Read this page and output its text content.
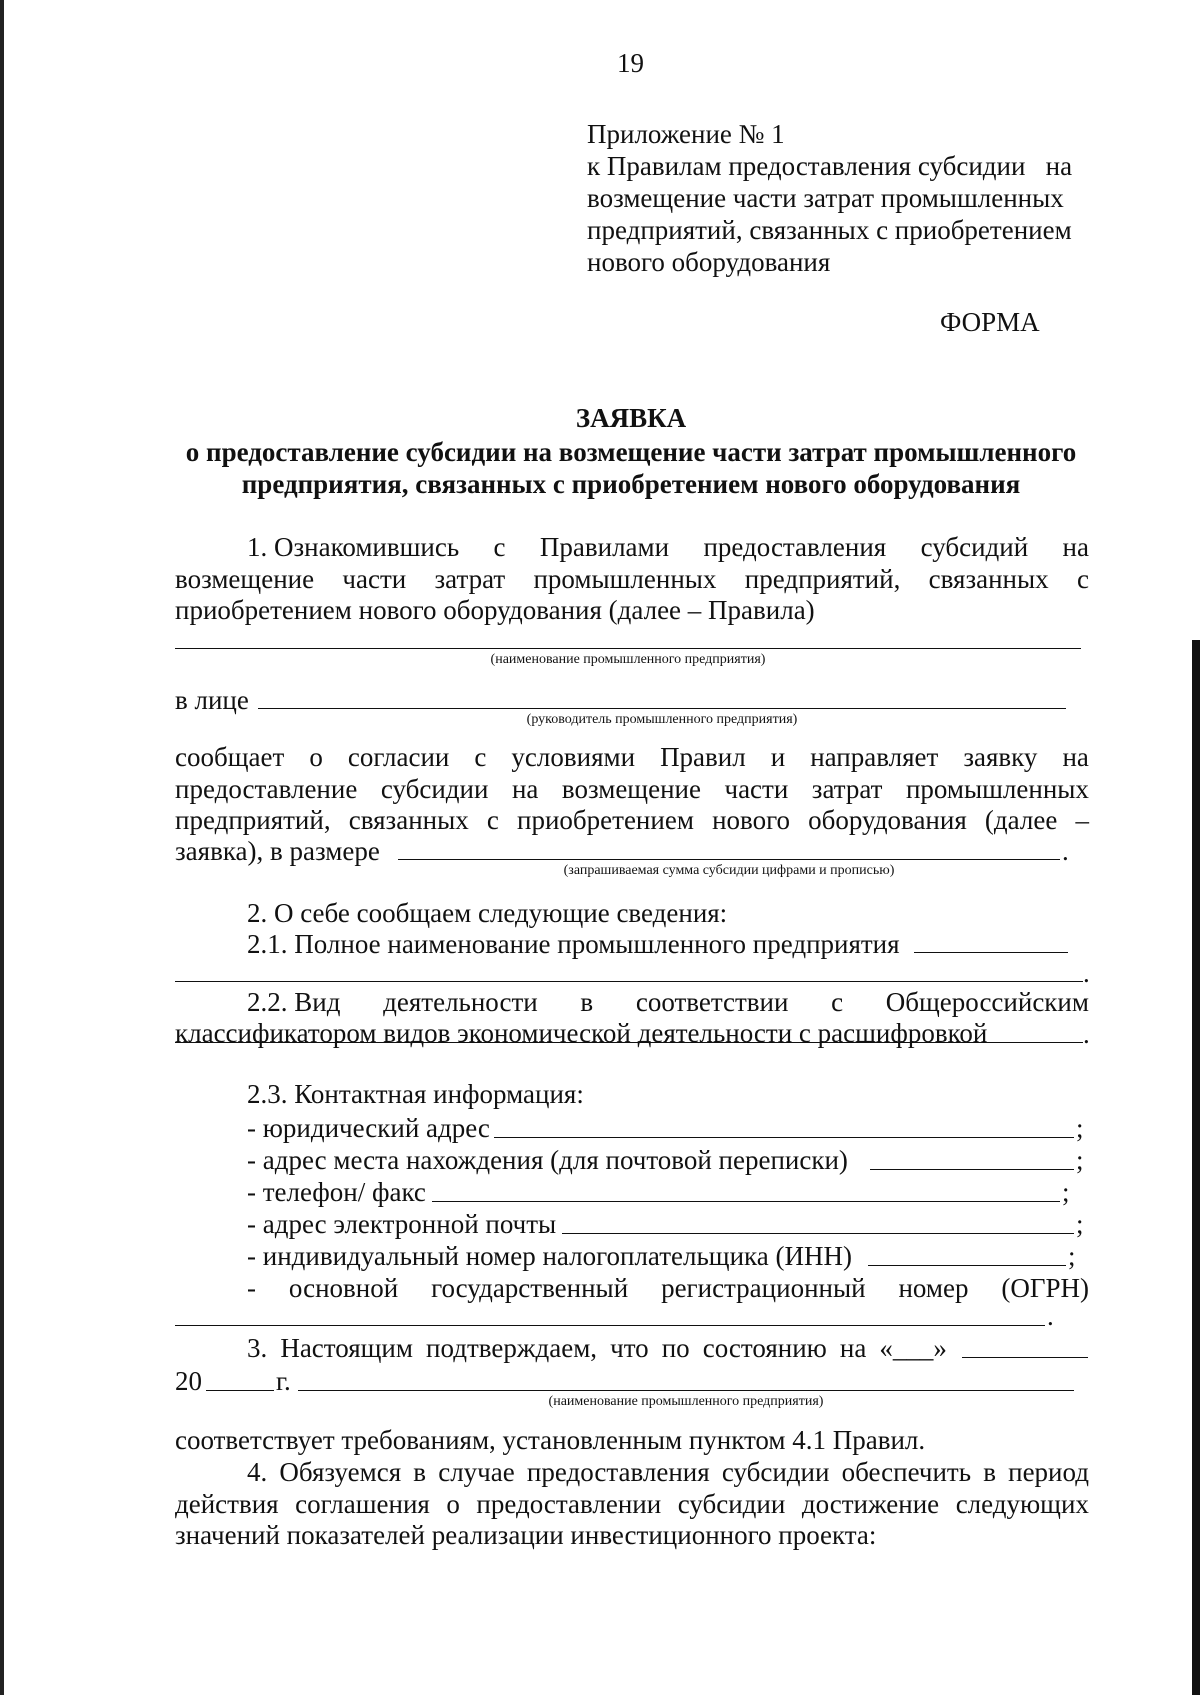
19
Приложение № 1
к Правилам предоставления субсидии   на
возмещение части затрат промышленных
предприятий, связанных с приобретением
нового оборудования
ФОРМА
ЗАЯВКА
о предоставление субсидии на возмещение части затрат промышленного
предприятия, связанных с приобретением нового оборудования
1. Ознакомившись с Правилами предоставления субсидий на
возмещение части затрат промышленных предприятий, связанных с
приобретением нового оборудования (далее – Правила)
(наименование промышленного предприятия)
в лице
(руководитель промышленного предприятия)
сообщает о согласии с условиями Правил и направляет заявку на
предоставление субсидии на возмещение части затрат промышленных
предприятий, связанных с приобретением нового оборудования (далее –
заявка), в размере	.
(запрашиваемая сумма субсидии цифрами и прописью)
2. О себе сообщаем следующие сведения:
2.1. Полное наименование промышленного предприятия
.
2.2. Вид деятельности в соответствии с Общероссийским
классификатором видов экономической деятельности с расшифровкой	.
2.3. Контактная информация:
- юридический адрес	;
- адрес места нахождения (для почтовой переписки)	;
- телефон/ факс	;
- адрес электронной почты	;
- индивидуальный номер налогоплательщика (ИНН)	;
- основной государственный регистрационный номер (ОГРН)
.
3. Настоящим подтверждаем, что по состоянию на «___»
20	г.
(наименование промышленного предприятия)
соответствует требованиям, установленным пунктом 4.1 Правил.
4. Обязуемся в случае предоставления субсидии обеспечить в период
действия соглашения о предоставлении субсидии достижение следующих
значений показателей реализации инвестиционного проекта:
